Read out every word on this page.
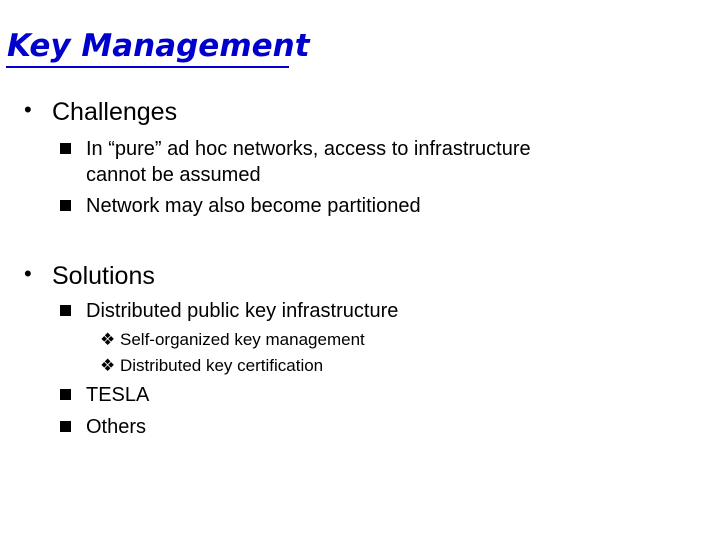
Key Management
• Challenges
In “pure” ad hoc networks, access to infrastructure
cannot be assumed
Network may also become partitioned
• Solutions
Distributed public key infrastructure
❖ Self-organized key management
❖ Distributed key certification
TESLA
Others
